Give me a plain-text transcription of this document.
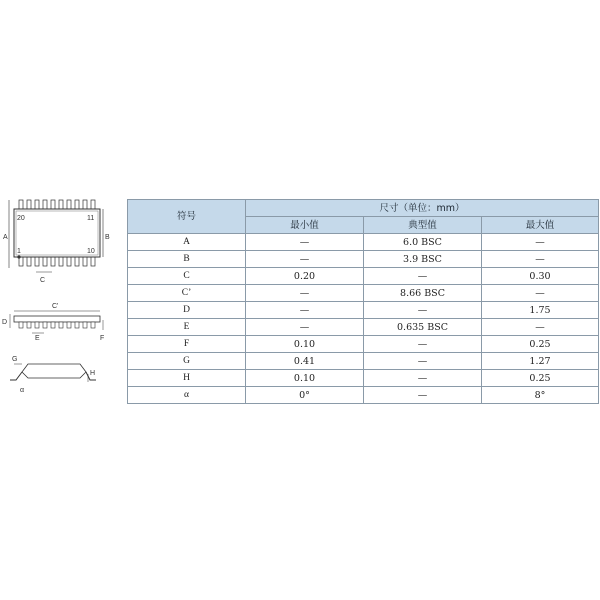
20	11
1	10
A	B
C
C'
D
E	F
G
H
α
符号	尺寸（单位：mm）		
	最小值	典型值	最大值
A	—	6.0 BSC	—
B	—	3.9 BSC	—
C	0.20	—	0.30
C’	—	8.66 BSC	—
D	—	—	1.75
E	—	0.635 BSC	—
F	0.10	—	0.25
G	0.41	—	1.27
H	0.10	—	0.25
α	0°	—	8°
